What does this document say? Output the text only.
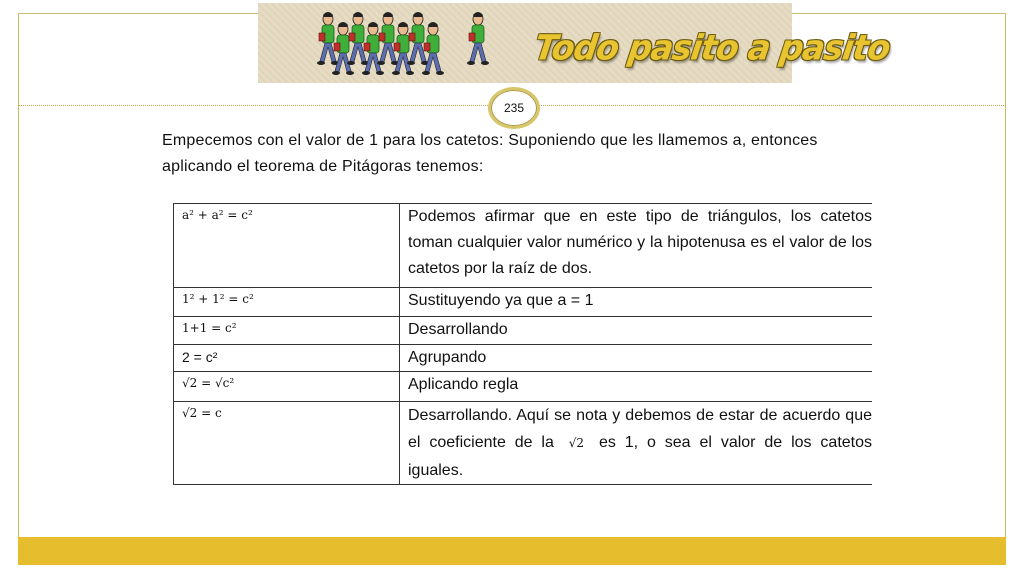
Todo pasito a pasito
235
Empecemos con el valor de 1 para los catetos: Suponiendo que les llamemos a, entonces aplicando el teorema de Pitágoras tenemos:
a² + a² = c²	Podemos afirmar que en este tipo de triángulos, los catetos toman cualquier valor numérico y la hipotenusa es el valor de los catetos por la raíz de dos.
1² + 1² = c²	Sustituyendo ya que a = 1
1+1 = c²	Desarrollando
2 = c²	Agrupando
√2 = √c²	Aplicando regla
√2 = c	Desarrollando. Aquí se nota y debemos de estar de acuerdo que el coeficiente de la √2 es 1, o sea el valor de los catetos iguales.
